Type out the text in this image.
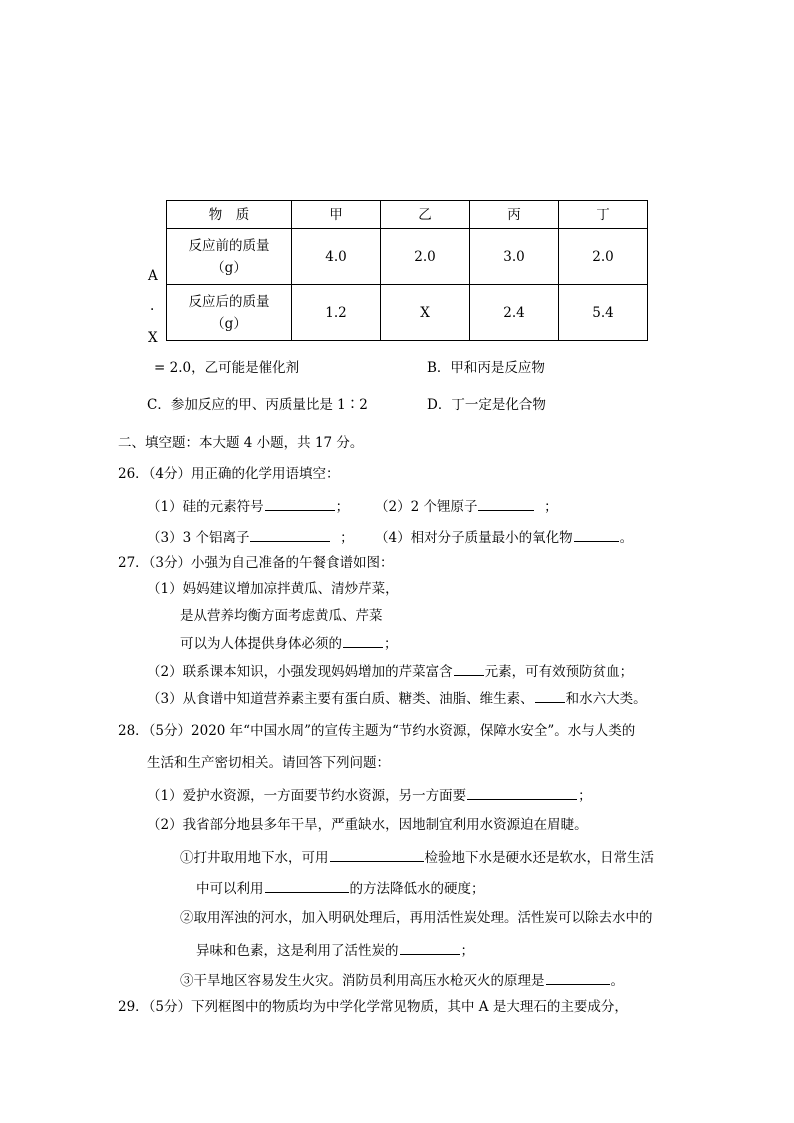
物　质	甲	乙	丙	丁

反应前的质量
（g）	4.0	2.0	3.0	2.0

反应后的质量
（g）	1.2	X	2.4	5.4
A
.
X
= 2.0，乙可能是催化剂	B．甲和丙是反应物
C．参加反应的甲、丙质量比是 1∶2	D．丁一定是化合物
二、填空题：本大题 4 小题，共 17 分。
26．（4分）用正确的化学用语填空：
（1）硅的元素符号	； （2）2 个锂原子	；
（3）3 个铝离子	； （4）相对分子质量最小的氧化物	。
27．（3分）小强为自己准备的午餐食谱如图：
（1）妈妈建议增加凉拌黄瓜、清炒芹菜，
是从营养均衡方面考虑黄瓜、芹菜
可以为人体提供身体必须的	；
（2）联系课本知识，小强发现妈妈增加的芹菜富含 元素，可有效预防贫血；
（3）从食谱中知道营养素主要有蛋白质、糖类、油脂、维生素、 和水六大类。
28．（5分）2020 年“中国水周”的宣传主题为“节约水资源，保障水安全”。水与人类的
生活和生产密切相关。请回答下列问题：
（1）爱护水资源，一方面要节约水资源，另一方面要	；
（2）我省部分地县多年干旱，严重缺水，因地制宜利用水资源迫在眉睫。
①打井取用地下水，可用	检验地下水是硬水还是软水，日常生活
中可以利用	的方法降低水的硬度；
②取用浑浊的河水，加入明矾处理后，再用活性炭处理。活性炭可以除去水中的
异味和色素，这是利用了活性炭的	；
③干旱地区容易发生火灾。消防员利用高压水枪灭火的原理是	。
29．（5分）下列框图中的物质均为中学化学常见物质，其中 A 是大理石的主要成分，
